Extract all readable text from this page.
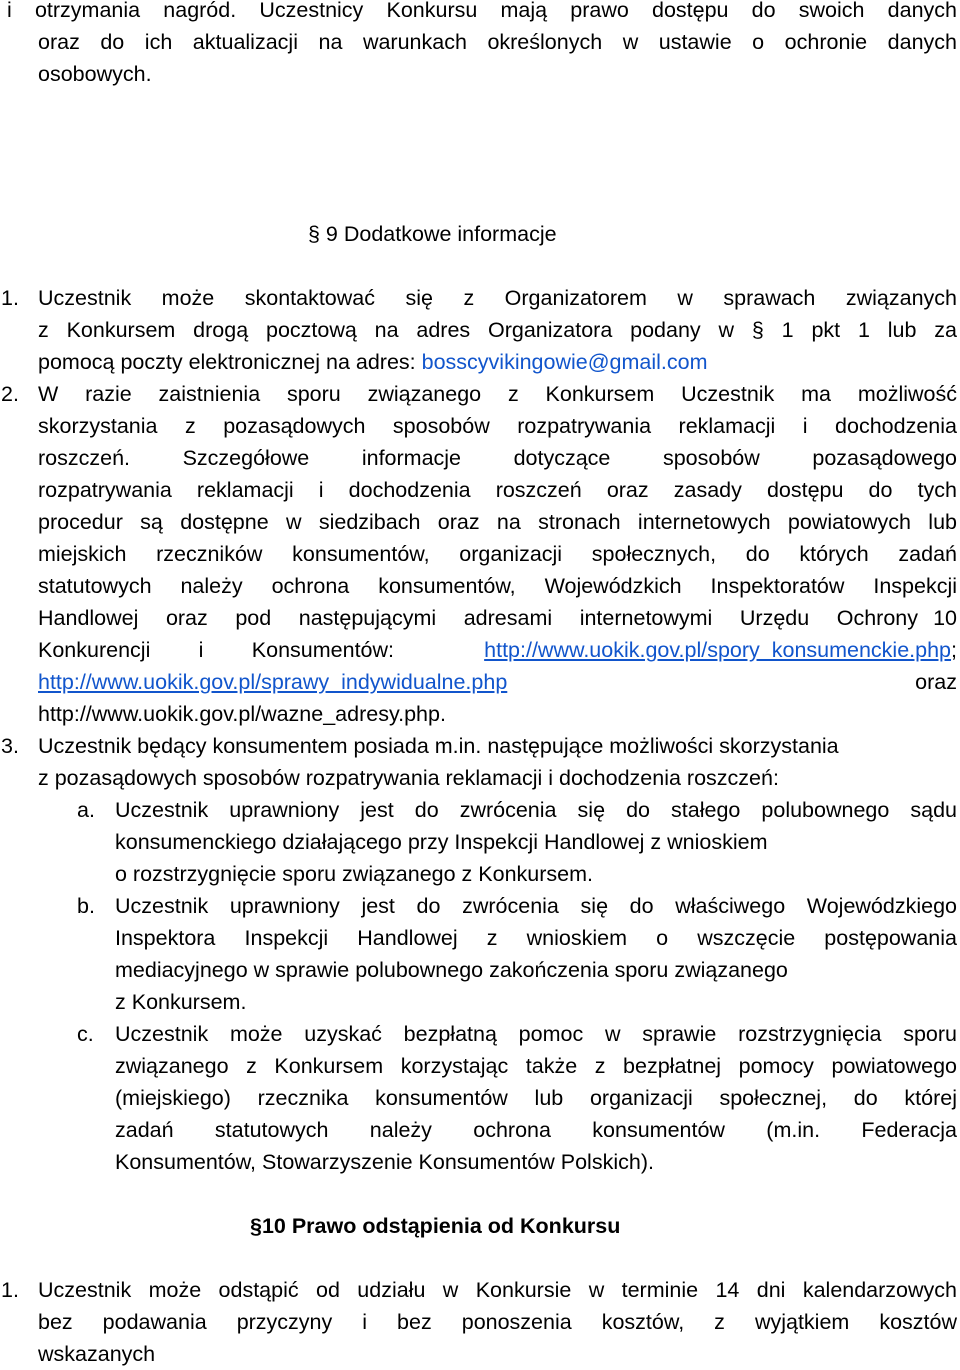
i otrzymania nagród. Uczestnicy Konkursu mają prawo dostępu do swoich danych
oraz do ich aktualizacji na warunkach określonych w ustawie o ochronie danych
osobowych.
§ 9 Dodatkowe informacje
1. Uczestnik może skontaktować się z Organizatorem w sprawach związanych
z Konkursem drogą pocztową na adres Organizatora podany w § 1 pkt 1 lub za
pomocą poczty elektronicznej na adres: bosscyvikingowie@gmail.com
2. W razie zaistnienia sporu związanego z Konkursem Uczestnik ma możliwość
skorzystania z pozasądowych sposobów rozpatrywania reklamacji i dochodzenia
roszczeń. Szczegółowe informacje dotyczące sposobów pozasądowego
rozpatrywania reklamacji i dochodzenia roszczeń oraz zasady dostępu do tych
procedur są dostępne w siedzibach oraz na stronach internetowych powiatowych lub
miejskich rzeczników konsumentów, organizacji społecznych, do których zadań
statutowych należy ochrona konsumentów, Wojewódzkich Inspektoratów Inspekcji
Handlowej oraz pod następującymi adresami internetowymi Urzędu Ochrony 10
Konkurencji i Konsumentów:	http://www.uokik.gov.pl/spory_konsumenckie.php;
http://www.uokik.gov.pl/sprawy_indywidualne.php	oraz
http://www.uokik.gov.pl/wazne_adresy.php.
3. Uczestnik będący konsumentem posiada m.in. następujące możliwości skorzystania
z pozasądowych sposobów rozpatrywania reklamacji i dochodzenia roszczeń:
a. Uczestnik uprawniony jest do zwrócenia się do stałego polubownego sądu
konsumenckiego działającego przy Inspekcji Handlowej z wnioskiem
o rozstrzygnięcie sporu związanego z Konkursem.
b. Uczestnik uprawniony jest do zwrócenia się do właściwego Wojewódzkiego
Inspektora Inspekcji Handlowej z wnioskiem o wszczęcie postępowania
mediacyjnego w sprawie polubownego zakończenia sporu związanego
z Konkursem.
c. Uczestnik może uzyskać bezpłatną pomoc w sprawie rozstrzygnięcia sporu
związanego z Konkursem korzystając także z bezpłatnej pomocy powiatowego
(miejskiego) rzecznika konsumentów lub organizacji społecznej, do której
zadań statutowych należy ochrona konsumentów (m.in. Federacja
Konsumentów, Stowarzyszenie Konsumentów Polskich).
§10 Prawo odstąpienia od Konkursu
1. Uczestnik może odstąpić od udziału w Konkursie w terminie 14 dni kalendarzowych
bez podawania przyczyny i bez ponoszenia kosztów, z wyjątkiem kosztów
wskazanych
